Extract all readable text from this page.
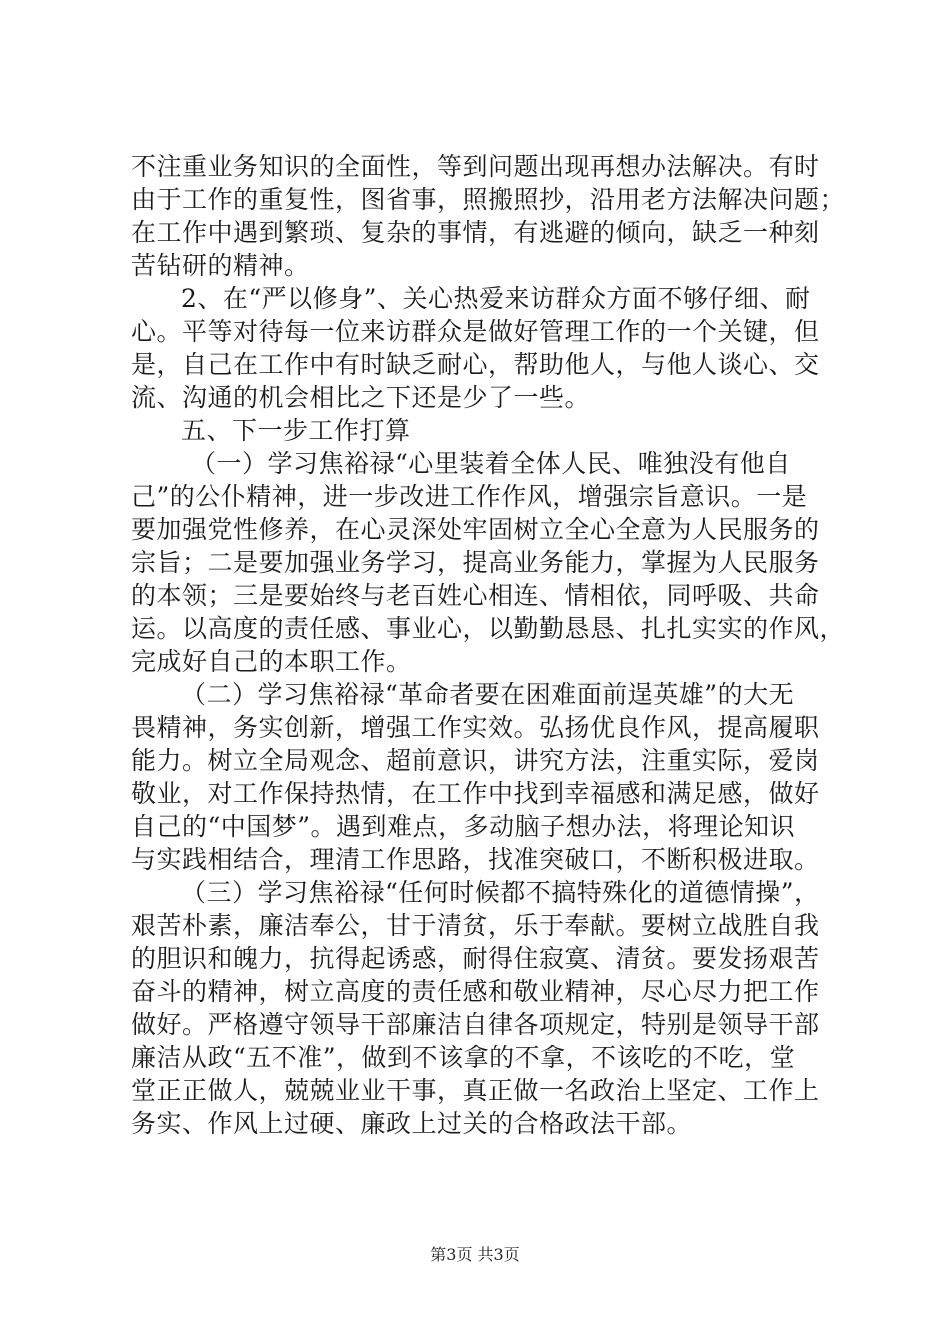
不注重业务知识的全面性，等到问题出现再想办法解决。有时
由于工作的重复性，图省事，照搬照抄，沿用老方法解决问题；
在工作中遇到繁琐、复杂的事情，有逃避的倾向，缺乏一种刻
苦钻研的精神。
2、在“严以修身”、关心热爱来访群众方面不够仔细、耐
心。平等对待每一位来访群众是做好管理工作的一个关键，但
是，自己在工作中有时缺乏耐心，帮助他人，与他人谈心、交
流、沟通的机会相比之下还是少了一些。
五、下一步工作打算
（一）学习焦裕禄“心里装着全体人民、唯独没有他自
己”的公仆精神，进一步改进工作作风，增强宗旨意识。一是
要加强党性修养，在心灵深处牢固树立全心全意为人民服务的
宗旨；二是要加强业务学习，提高业务能力，掌握为人民服务
的本领；三是要始终与老百姓心相连、情相依，同呼吸、共命
运。以高度的责任感、事业心，以勤勤恳恳、扎扎实实的作风，
完成好自己的本职工作。
（二）学习焦裕禄“革命者要在困难面前逞英雄”的大无
畏精神，务实创新，增强工作实效。弘扬优良作风，提高履职
能力。树立全局观念、超前意识，讲究方法，注重实际，爱岗
敬业，对工作保持热情，在工作中找到幸福感和满足感，做好
自己的“中国梦”。遇到难点，多动脑子想办法，将理论知识
与实践相结合，理清工作思路，找准突破口，不断积极进取。
（三）学习焦裕禄“任何时候都不搞特殊化的道德情操”，
艰苦朴素，廉洁奉公，甘于清贫，乐于奉献。要树立战胜自我
的胆识和魄力，抗得起诱惑，耐得住寂寞、清贫。要发扬艰苦
奋斗的精神，树立高度的责任感和敬业精神，尽心尽力把工作
做好。严格遵守领导干部廉洁自律各项规定，特别是领导干部
廉洁从政“五不准”，做到不该拿的不拿，不该吃的不吃，堂
堂正正做人，兢兢业业干事，真正做一名政治上坚定、工作上
务实、作风上过硬、廉政上过关的合格政法干部。
第3页 共3页
